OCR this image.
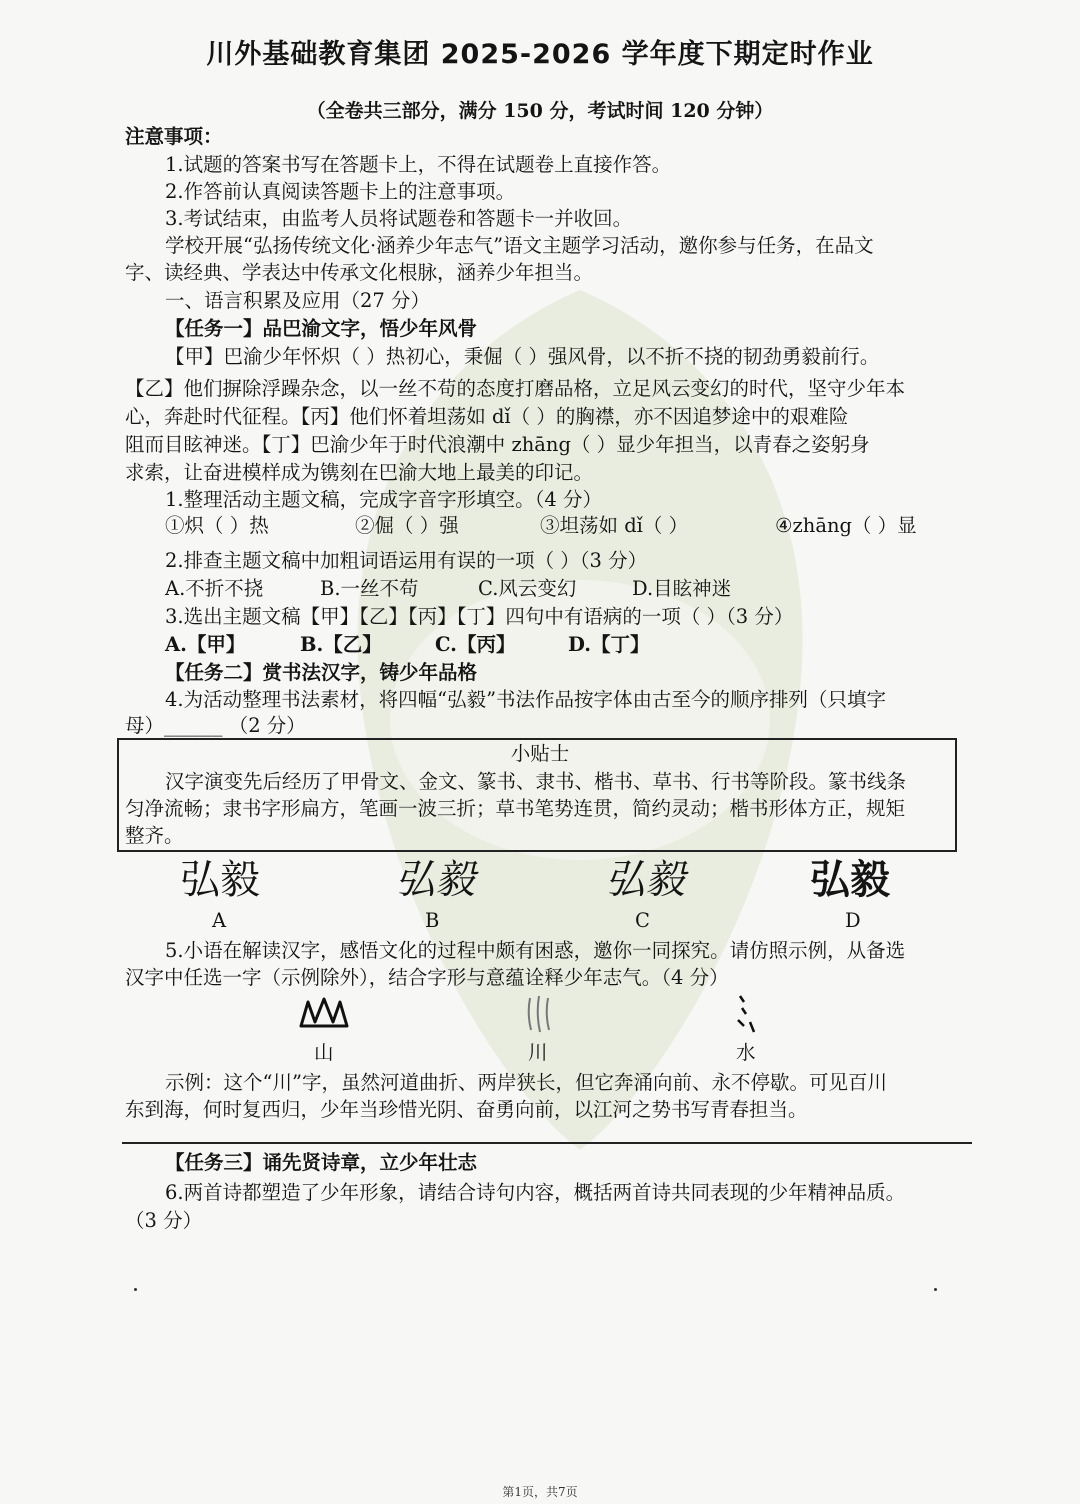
川外基础教育集团 2025-2026 学年度下期定时作业
（全卷共三部分，满分 150 分，考试时间 120 分钟）
注意事项：
1.试题的答案书写在答题卡上，不得在试题卷上直接作答。
2.作答前认真阅读答题卡上的注意事项。
3.考试结束，由监考人员将试题卷和答题卡一并收回。
学校开展“弘扬传统文化·涵养少年志气”语文主题学习活动，邀你参与任务，在品文
字、读经典、学表达中传承文化根脉，涵养少年担当。
一、语言积累及应用（27 分）
【任务一】品巴渝文字，悟少年风骨
【甲】巴渝少年怀炽（ ）热初心，秉倔（ ）强风骨，以不折不挠的韧劲勇毅前行。
【乙】他们摒除浮躁杂念，以一丝不苟的态度打磨品格，立足风云变幻的时代，坚守少年本
心，奔赴时代征程。【丙】他们怀着坦荡如 dǐ（ ）的胸襟，亦不因追梦途中的艰难险
阻而目眩神迷。【丁】巴渝少年于时代浪潮中 zhāng（ ）显少年担当，以青春之姿躬身
求索，让奋进模样成为镌刻在巴渝大地上最美的印记。
1.整理活动主题文稿，完成字音字形填空。（4 分）
①炽（ ）热	②倔（ ）强	③坦荡如 dǐ（ ）	④zhāng（ ）显
2.排查主题文稿中加粗词语运用有误的一项（ ）（3 分）
A.不折不挠	B.一丝不苟	C.风云变幻	D.目眩神迷
3.选出主题文稿【甲】【乙】【丙】【丁】四句中有语病的一项（ ）（3 分）
A.【甲】	B.【乙】	C.【丙】	D.【丁】
【任务二】赏书法汉字，铸少年品格
4.为活动整理书法素材，将四幅“弘毅”书法作品按字体由古至今的顺序排列（只填字
母）______ （2 分）
小贴士
汉字演变先后经历了甲骨文、金文、篆书、隶书、楷书、草书、行书等阶段。篆书线条
匀净流畅；隶书字形扁方，笔画一波三折；草书笔势连贯，简约灵动；楷书形体方正，规矩
整齐。
弘毅	弘毅	弘毅	弘毅
A	B	C	D
5.小语在解读汉字，感悟文化的过程中颇有困惑，邀你一同探究。请仿照示例，从备选
汉字中任选一字（示例除外），结合字形与意蕴诠释少年志气。（4 分）
山	川	水
示例：这个“川”字，虽然河道曲折、两岸狭长，但它奔涌向前、永不停歇。可见百川
东到海，何时复西归，少年当珍惜光阴、奋勇向前，以江河之势书写青春担当。
【任务三】诵先贤诗章，立少年壮志
6.两首诗都塑造了少年形象，请结合诗句内容，概括两首诗共同表现的少年精神品质。
（3 分）
第1页，共7页
